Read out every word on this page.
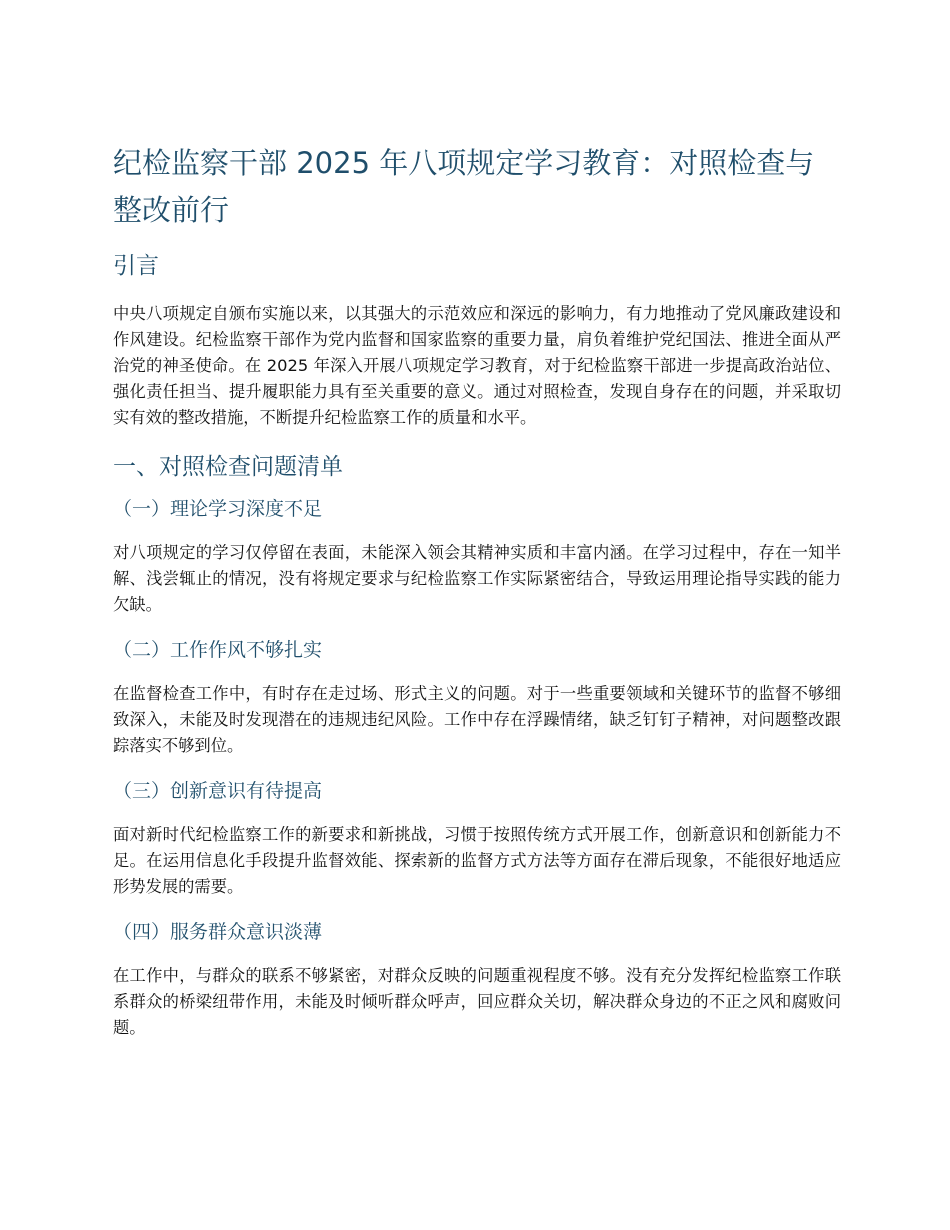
纪检监察干部 2025 年八项规定学习教育：对照检查与整改前行
引言

中央八项规定自颁布实施以来，以其强大的示范效应和深远的影响力，有力地推动了党风廉政建设和作风建设。纪检监察干部作为党内监督和国家监察的重要力量，肩负着维护党纪国法、推进全面从严治党的神圣使命。在 2025 年深入开展八项规定学习教育，对于纪检监察干部进一步提高政治站位、强化责任担当、提升履职能力具有至关重要的意义。通过对照检查，发现自身存在的问题，并采取切实有效的整改措施，不断提升纪检监察工作的质量和水平。

一、对照检查问题清单
（一）理论学习深度不足

对八项规定的学习仅停留在表面，未能深入领会其精神实质和丰富内涵。在学习过程中，存在一知半解、浅尝辄止的情况，没有将规定要求与纪检监察工作实际紧密结合，导致运用理论指导实践的能力欠缺。

（二）工作作风不够扎实

在监督检查工作中，有时存在走过场、形式主义的问题。对于一些重要领域和关键环节的监督不够细致深入，未能及时发现潜在的违规违纪风险。工作中存在浮躁情绪，缺乏钉钉子精神，对问题整改跟踪落实不够到位。

（三）创新意识有待提高

面对新时代纪检监察工作的新要求和新挑战，习惯于按照传统方式开展工作，创新意识和创新能力不足。在运用信息化手段提升监督效能、探索新的监督方式方法等方面存在滞后现象，不能很好地适应形势发展的需要。

（四）服务群众意识淡薄

在工作中，与群众的联系不够紧密，对群众反映的问题重视程度不够。没有充分发挥纪检监察工作联系群众的桥梁纽带作用，未能及时倾听群众呼声，回应群众关切，解决群众身边的不正之风和腐败问题。
